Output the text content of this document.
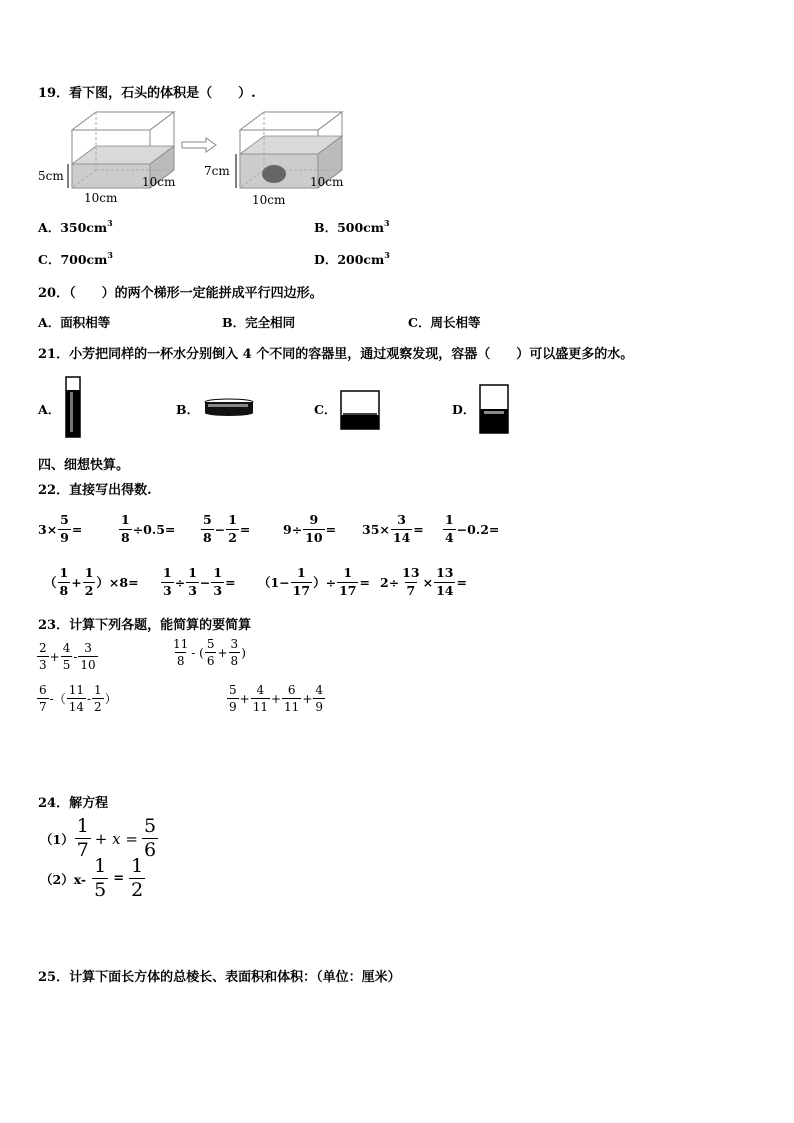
19．看下图，石头的体积是（　　）.
5cm
10cm
10cm
7cm
10cm
10cm
A．$350cm^3$	B．$500cm^3$
C．$700cm^3$	D．$200cm^3$
20．（　　）的两个梯形一定能拼成平行四边形。
A．面积相等	B．完全相同	C．周长相等
21．小芳把同样的一杯水分别倒入 4 个不同的容器里，通过观察发现，容器（　　）可以盛更多的水。
A．	B．	C．	D．
四、细想快算。
22．直接写出得数.
$3\times \frac{5}{9}$ =	$\frac{1}{8} \div 0.5= \frac{5}{8} - \frac{1}{2}$ =	$9\div \frac{9}{10} = 35\times \frac{3}{14} = \frac{1}{4} -0.2=$
（ $\frac{1}{8} + \frac{1}{2} )\times 8= \frac{1}{3} \div \frac{1}{3} - \frac{1}{3} = (1- \frac{1}{17}$ ）÷ $\frac{1}{17} = 2\div \frac{13}{7} \times \frac{13}{14}$ =
23．计算下列各题，能简算的要简算
$\frac{2}{3} + \frac{4}{5} - \frac{3}{10}$	$\frac{11}{8}$ - ( $\frac{5}{6} + \frac{3}{8}$ )
$\frac{6}{7}$ -（ $\frac{11}{14} - \frac{1}{2}$ ）	$\frac{5}{9} + \frac{4}{11} + \frac{6}{11} + \frac{4}{9}$
24．解方程
$(1) \frac{1}{7} + x = \frac{5}{6}$
$(2)x- \frac{1}{5} = \frac{1}{2}$
25．计算下面长方体的总棱长、表面积和体积：（单位：厘米）
